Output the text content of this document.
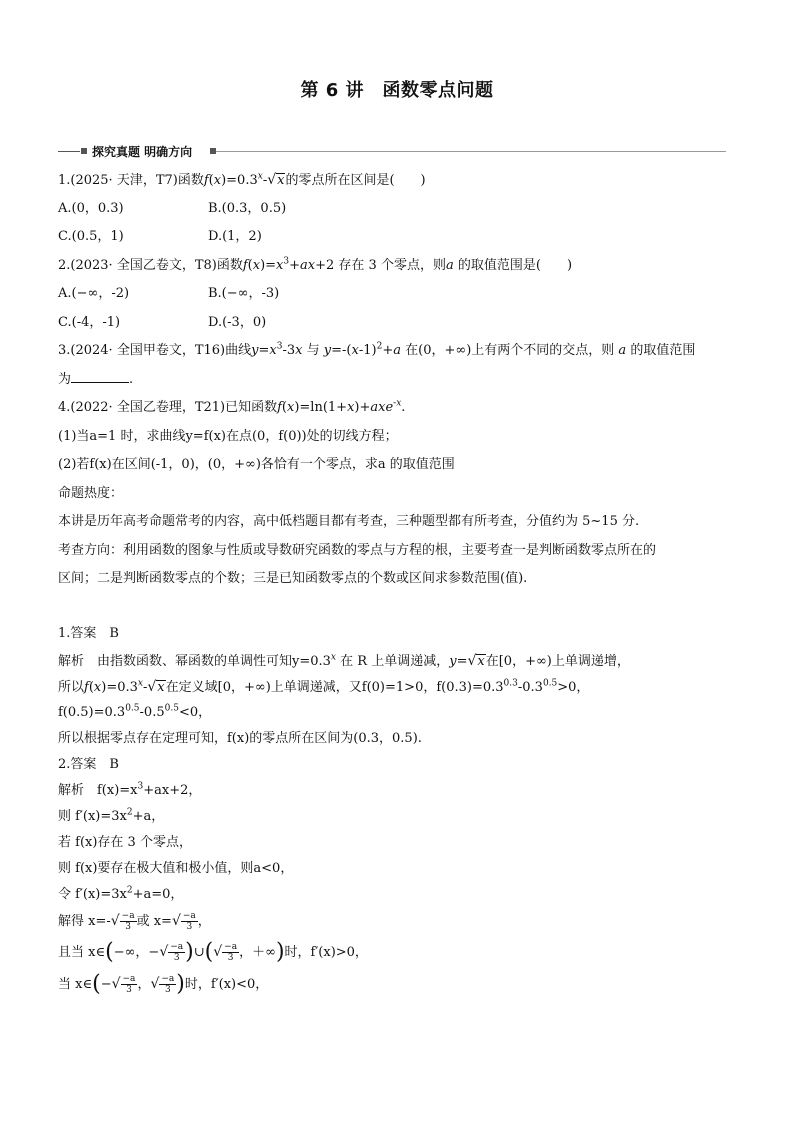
第 6 讲　函数零点问题
探究真题 明确方向
1.(2025· 天津，T7)函数$f(x)=0.3^x-√x$的零点所在区间是(　　)
A.(0，0.3)	B.(0.3，0.5)
C.(0.5，1)	D.(1，2)
2.(2023· 全国乙卷文，T8)函数$f(x)=x^3+ax+2$ 存在 3 个零点，则a 的取值范围是(　　)
A.(−∞，-2)	B.(−∞，-3)
C.(-4，-1)	D.(-3，0)
3.(2024· 全国甲卷文，T16)曲线$y=x^3-3x$ 与 $y=-(x-1)^2+a$ 在(0，+∞)上有两个不同的交点，则 a 的取值范围
为	.
4.(2022· 全国乙卷理，T21)已知函数f(x)=ln(1+x)+axe$^{-x}$.
(1)当a=1 时，求曲线y=f(x)在点(0，f(0))处的切线方程；
(2)若f(x)在区间(-1，0)，(0，+∞)各恰有一个零点，求a 的取值范围
命题热度：
本讲是历年高考命题常考的内容，高中低档题目都有考查，三种题型都有所考查，分值约为 5~15 分.
考查方向：利用函数的图象与性质或导数研究函数的零点与方程的根，主要考查一是判断函数零点所在的
区间；二是判断函数零点的个数；三是已知函数零点的个数或区间求参数范围(值).
1.答案　B
解析　由指数函数、幂函数的单调性可知$y=0.3^x$ 在 R 上单调递减，y=√x在[0，+∞)上单调递增，
所以$f(x)=0.3^x-√x$在定义域[0，+∞)上单调递减，又f(0)=1>0，$f(0.3)=0.3^{0.3}-0.3^{0.5}>0$，
$f(0.5)=0.3^{0.5}-0.5^{0.5}<0$，
所以根据零点存在定理可知，f(x)的零点所在区间为(0.3，0.5).
2.答案　B
解析　$f(x)=x^3+ax+2$，
则 $f'(x)=3x^2+a$，
若 f(x)存在 3 个零点，
则 f(x)要存在极大值和极小值，则a<0，
令 $f'(x)=3x^2+a=0$，
解得 $x=-√ \frac{-a}{3}$ 或 $x=√ \frac{-a}{3}$ ，
且当 x∈(−∞，−√ $\frac{-a}{3}$ )∪(√ $\frac{-a}{3}$ ，＋∞)时，f′(x)>0，
当 x∈(−√ $\frac{-a}{3}$ ，√ $\frac{-a}{3}$ )时，f′(x)<0，
